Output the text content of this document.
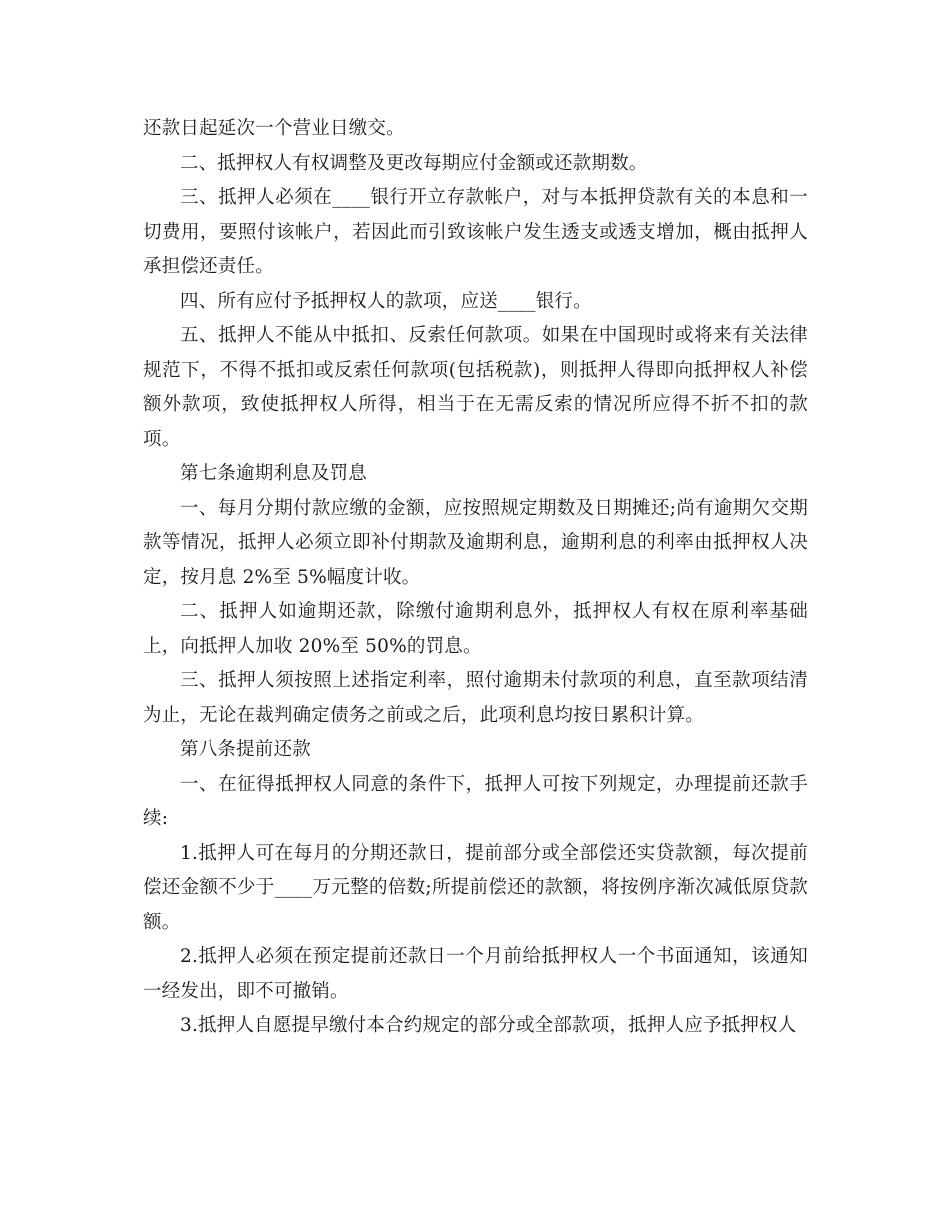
还款日起延次一个营业日缴交。

二、抵押权人有权调整及更改每期应付金额或还款期数。

三、抵押人必须在____银行开立存款帐户，对与本抵押贷款有关的本息和一切费用，要照付该帐户，若因此而引致该帐户发生透支或透支增加，概由抵押人承担偿还责任。

四、所有应付予抵押权人的款项，应送____银行。

五、抵押人不能从中抵扣、反索任何款项。如果在中国现时或将来有关法律规范下，不得不抵扣或反索任何款项(包括税款)，则抵押人得即向抵押权人补偿额外款项，致使抵押权人所得，相当于在无需反索的情况所应得不折不扣的款项。

第七条逾期利息及罚息

一、每月分期付款应缴的金额，应按照规定期数及日期摊还;尚有逾期欠交期款等情况，抵押人必须立即补付期款及逾期利息，逾期利息的利率由抵押权人决定，按月息 2%至 5%幅度计收。

二、抵押人如逾期还款，除缴付逾期利息外，抵押权人有权在原利率基础上，向抵押人加收 20%至 50%的罚息。

三、抵押人须按照上述指定利率，照付逾期未付款项的利息，直至款项结清为止，无论在裁判确定债务之前或之后，此项利息均按日累积计算。

第八条提前还款

一、在征得抵押权人同意的条件下，抵押人可按下列规定，办理提前还款手续:

1.抵押人可在每月的分期还款日，提前部分或全部偿还实贷款额，每次提前偿还金额不少于____万元整的倍数;所提前偿还的款额，将按例序渐次减低原贷款额。

2.抵押人必须在预定提前还款日一个月前给抵押权人一个书面通知，该通知一经发出，即不可撤销。

3.抵押人自愿提早缴付本合约规定的部分或全部款项，抵押人应予抵押权人
